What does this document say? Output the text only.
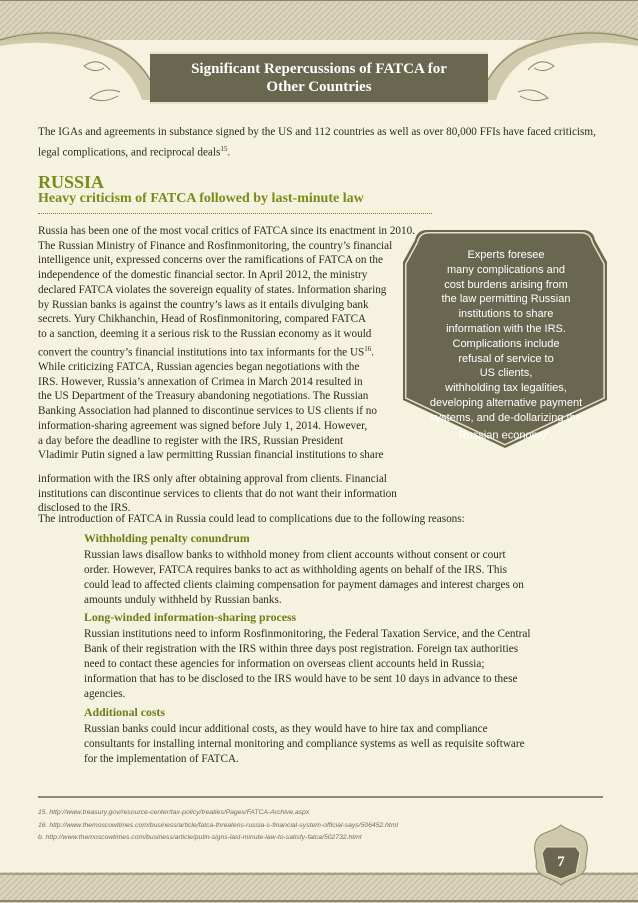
Significant Repercussions of FATCA for
Other Countries
The IGAs and agreements in substance signed by the US and 112 countries as well as over 80,000 FFIs have faced criticism, legal complications, and reciprocal deals$^{15}$.
RUSSIA
Heavy criticism of FATCA followed by last-minute law
Russia has been one of the most vocal critics of FATCA since its enactment in 2010.
The Russian Ministry of Finance and Rosfinmonitoring, the country’s financial
intelligence unit, expressed concerns over the ramifications of FATCA on the
independence of the domestic financial sector. In April 2012, the ministry
declared FATCA violates the sovereign equality of states. Information sharing
by Russian banks is against the country’s laws as it entails divulging bank
secrets. Yury Chikhanchin, Head of Rosfinmonitoring, compared FATCA
to a sanction, deeming it a serious risk to the Russian economy as it would
convert the country’s financial institutions into tax informants for the US$^{16}$.
While criticizing FATCA, Russian agencies began negotiations with the
IRS. However, Russia’s annexation of Crimea in March 2014 resulted in
the US Department of the Treasury abandoning negotiations. The Russian
Banking Association had planned to discontinue services to US clients if no
information-sharing agreement was signed before July 1, 2014. However,
a day before the deadline to register with the IRS, Russian President
Vladimir Putin signed a law permitting Russian financial institutions to share
information with the IRS only after obtaining approval from clients. Financial
institutions can discontinue services to clients that do not want their information
disclosed to the IRS.
Experts foresee
many complications and
cost burdens arising from
the law permitting Russian
institutions to share
information with the IRS.
Complications include
refusal of service to
US clients,
withholding tax legalities,
developing alternative payment
systems, and de-dollarizing the
Russian economy$^b$.
The introduction of FATCA in Russia could lead to complications due to the following reasons:
Withholding penalty conundrum

Russian laws disallow banks to withhold money from client accounts without consent or court

order. However, FATCA requires banks to act as withholding agents on behalf of the IRS. This

could lead to affected clients claiming compensation for payment damages and interest charges on

amounts unduly withheld by Russian banks.

Long-winded information-sharing process

Russian institutions need to inform Rosfinmonitoring, the Federal Taxation Service, and the Central

Bank of their registration with the IRS within three days post registration. Foreign tax authorities

need to contact these agencies for information on overseas client accounts held in Russia;

information that has to be disclosed to the IRS would have to be sent 10 days in advance to these

agencies.

Additional costs

Russian banks could incur additional costs, as they would have to hire tax and compliance

consultants for installing internal monitoring and compliance systems as well as requisite software

for the implementation of FATCA.

15. http://www.treasury.gov/resource-center/tax-policy/treaties/Pages/FATCA-Archive.aspx
16. http://www.themoscowtimes.com/business/article/fatca-threatens-russia-s-financial-system-official-says/506452.html
b. http://www.themoscowtimes.com/business/article/putin-signs-last-minute-law-to-satisfy-fatca/502732.html
7
